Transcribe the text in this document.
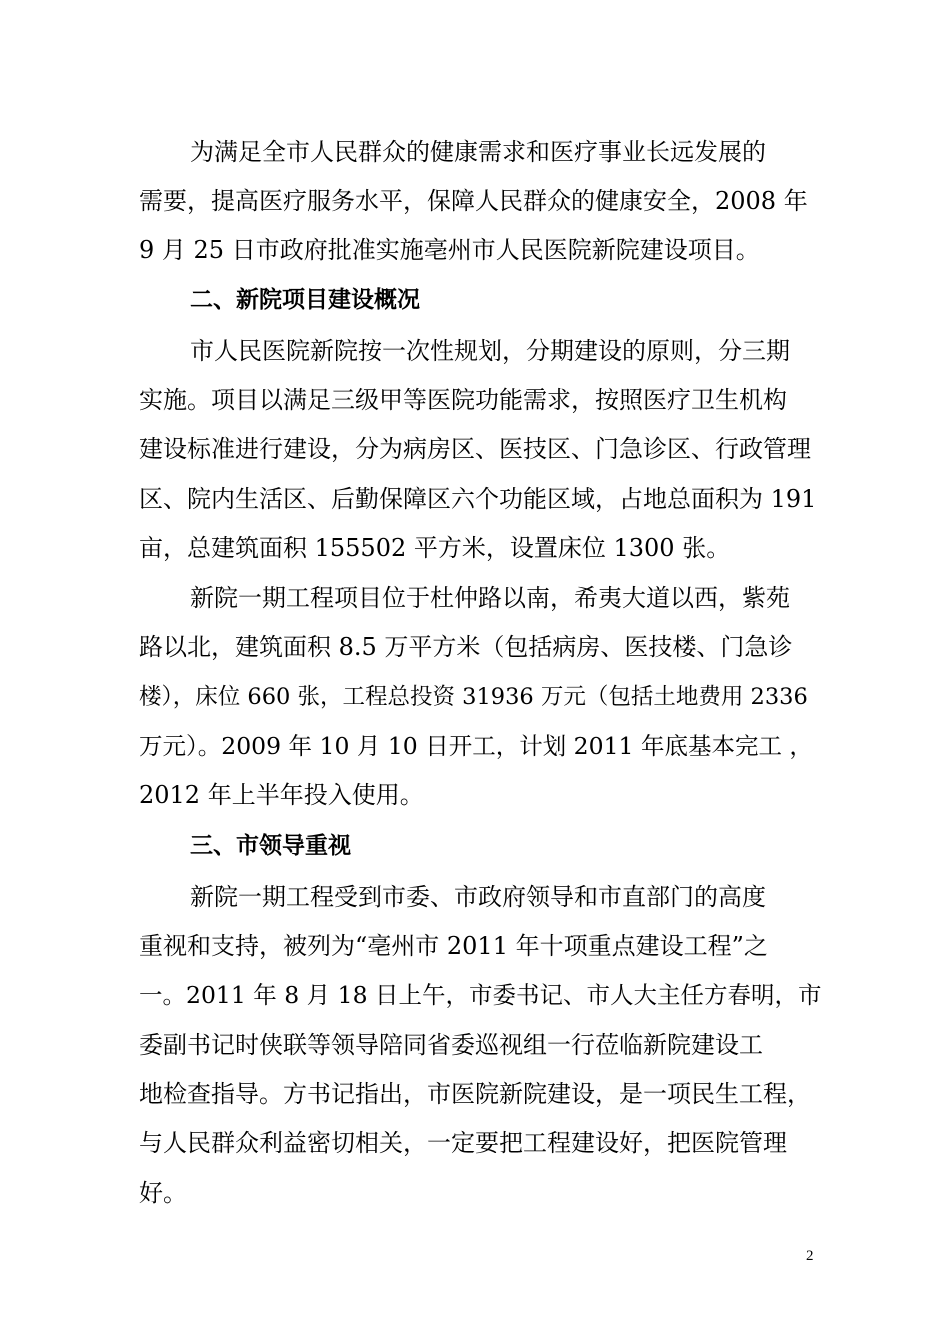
为满足全市人民群众的健康需求和医疗事业长远发展的
需要，提高医疗服务水平，保障人民群众的健康安全，2008 年
9 月 25 日市政府批准实施亳州市人民医院新院建设项目。
二、新院项目建设概况
市人民医院新院按一次性规划，分期建设的原则，分三期
实施。项目以满足三级甲等医院功能需求，按照医疗卫生机构
建设标准进行建设，分为病房区、医技区、门急诊区、行政管理
区、院内生活区、后勤保障区六个功能区域，占地总面积为 191
亩，总建筑面积 155502 平方米，设置床位 1300 张。
新院一期工程项目位于杜仲路以南，希夷大道以西，紫苑
路以北，建筑面积 8.5 万平方米（包括病房、医技楼、门急诊
楼），床位 660 张，工程总投资 31936 万元（包括土地费用 2336
万元）。2009 年 10 月 10 日开工，计划 2011 年底基本完工 ，
2012 年上半年投入使用。
三、市领导重视
新院一期工程受到市委、市政府领导和市直部门的高度
重视和支持，被列为“亳州市 2011 年十项重点建设工程”之
一。2011 年 8 月 18 日上午，市委书记、市人大主任方春明，市
委副书记时侠联等领导陪同省委巡视组一行莅临新院建设工
地检查指导。方书记指出，市医院新院建设，是一项民生工程，
与人民群众利益密切相关，一定要把工程建设好，把医院管理
好。
2
